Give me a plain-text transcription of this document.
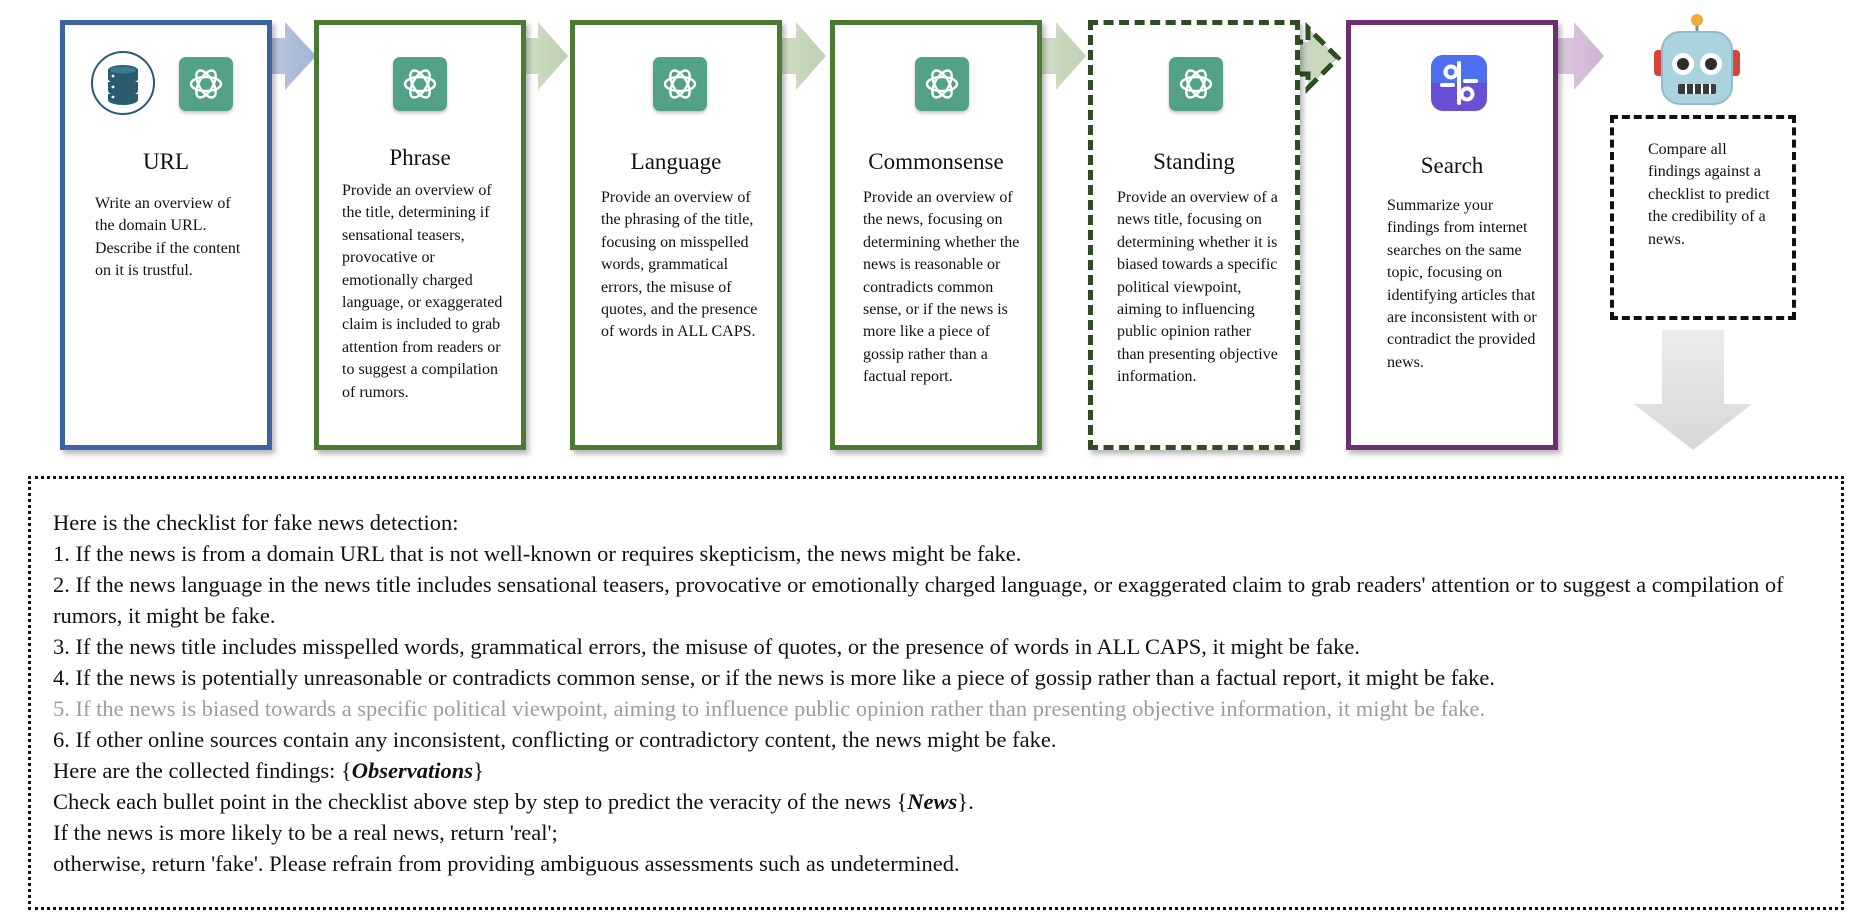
URL
Write an overview of the domain URL. Describe if the content on it is trustful.
Phrase
Provide an overview of the title, determining if sensational teasers, provocative or emotionally charged language, or exaggerated claim is included to grab attention from readers or to suggest a compilation of rumors.
Language
Provide an overview of the phrasing of the title, focusing on misspelled words, grammatical errors, the misuse of quotes, and the presence of words in ALL CAPS.
Commonsense
Provide an overview of the news, focusing on determining whether the news is reasonable or contradicts common sense, or if the news is more like a piece of gossip rather than a factual report.
Standing
Provide an overview of a news title, focusing on determining whether it is biased towards a specific political viewpoint, aiming to influencing public opinion rather than presenting objective information.
Search
Summarize your findings from internet searches on the same topic, focusing on identifying articles that are inconsistent with or contradict the provided news.
Compare all findings against a checklist to predict the credibility of a news.
Here is the checklist for fake news detection:
1. If the news is from a domain URL that is not well-known or requires skepticism, the news might be fake.
2. If the news language in the news title includes sensational teasers, provocative or emotionally charged language, or exaggerated claim to grab readers' attention or to suggest a compilation of rumors, it might be fake.
3. If the news title includes misspelled words, grammatical errors, the misuse of quotes, or the presence of words in ALL CAPS, it might be fake.
4. If the news is potentially unreasonable or contradicts common sense, or if the news is more like a piece of gossip rather than a factual report, it might be fake.
5. If the news is biased towards a specific political viewpoint, aiming to influence public opinion rather than presenting objective information, it might be fake.
6. If other online sources contain any inconsistent, conflicting or contradictory content, the news might be fake.
Here are the collected findings: {Observations}
Check each bullet point in the checklist above step by step to predict the veracity of the news {News}.
If the news is more likely to be a real news, return 'real';
otherwise, return 'fake'. Please refrain from providing ambiguous assessments such as undetermined.
